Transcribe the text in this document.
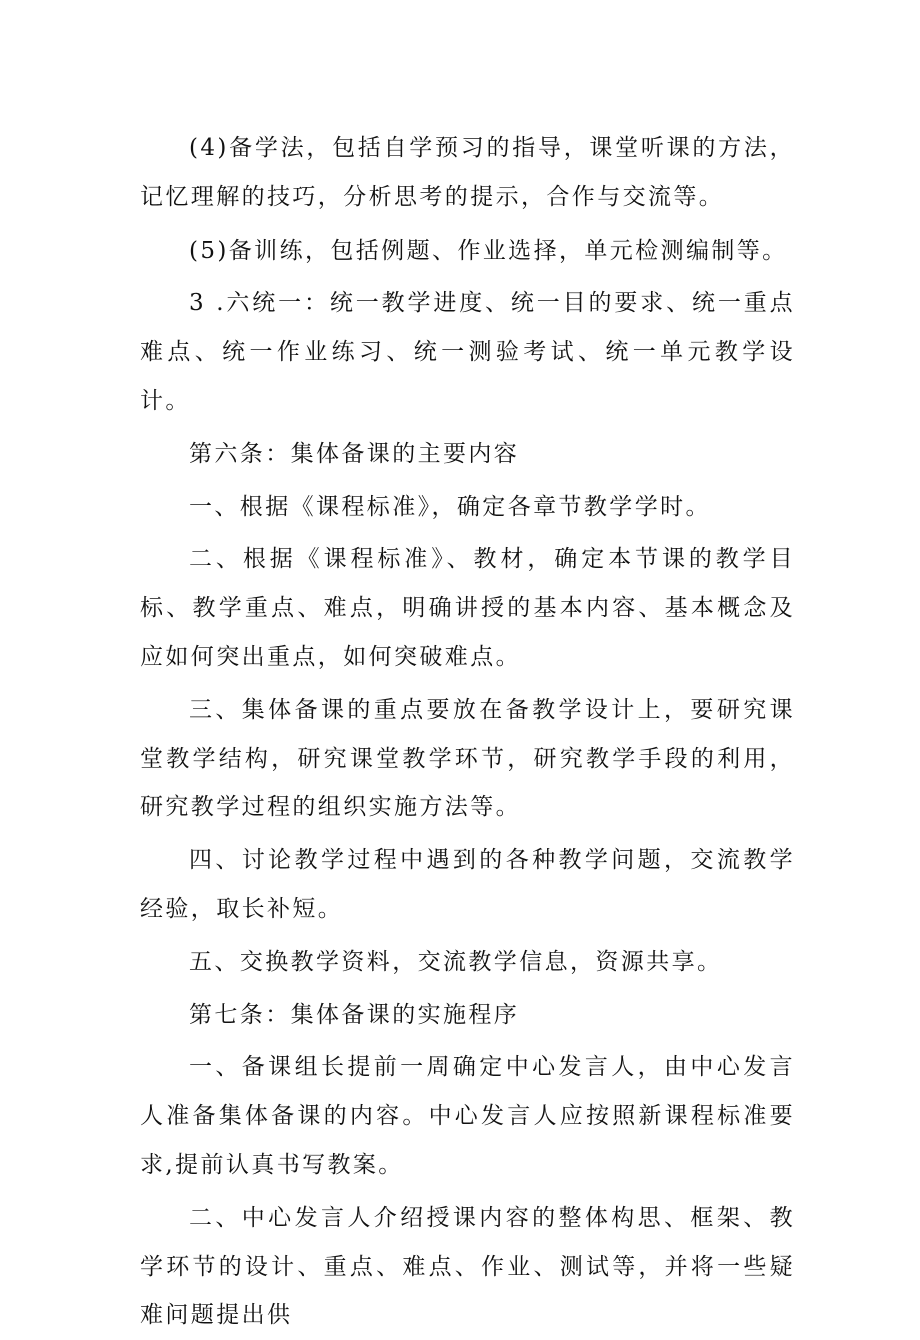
(4)备学法，包括自学预习的指导，课堂听课的方法，记忆理解的技巧，分析思考的提示，合作与交流等。

(5)备训练，包括例题、作业选择，单元检测编制等。

3 .六统一：统一教学进度、统一目的要求、统一重点难点、统一作业练习、统一测验考试、统一单元教学设计。

第六条：集体备课的主要内容

一、根据《课程标准》，确定各章节教学学时。

二、根据《课程标准》、教材，确定本节课的教学目标、教学重点、难点，明确讲授的基本内容、基本概念及应如何突出重点，如何突破难点。

三、集体备课的重点要放在备教学设计上，要研究课堂教学结构，研究课堂教学环节，研究教学手段的利用，研究教学过程的组织实施方法等。

四、讨论教学过程中遇到的各种教学问题，交流教学经验，取长补短。

五、交换教学资料，交流教学信息，资源共享。

第七条：集体备课的实施程序

一、备课组长提前一周确定中心发言人，由中心发言人准备集体备课的内容。中心发言人应按照新课程标准要求,提前认真书写教案。

二、中心发言人介绍授课内容的整体构思、框架、教学环节的设计、重点、难点、作业、测试等，并将一些疑难问题提出供
